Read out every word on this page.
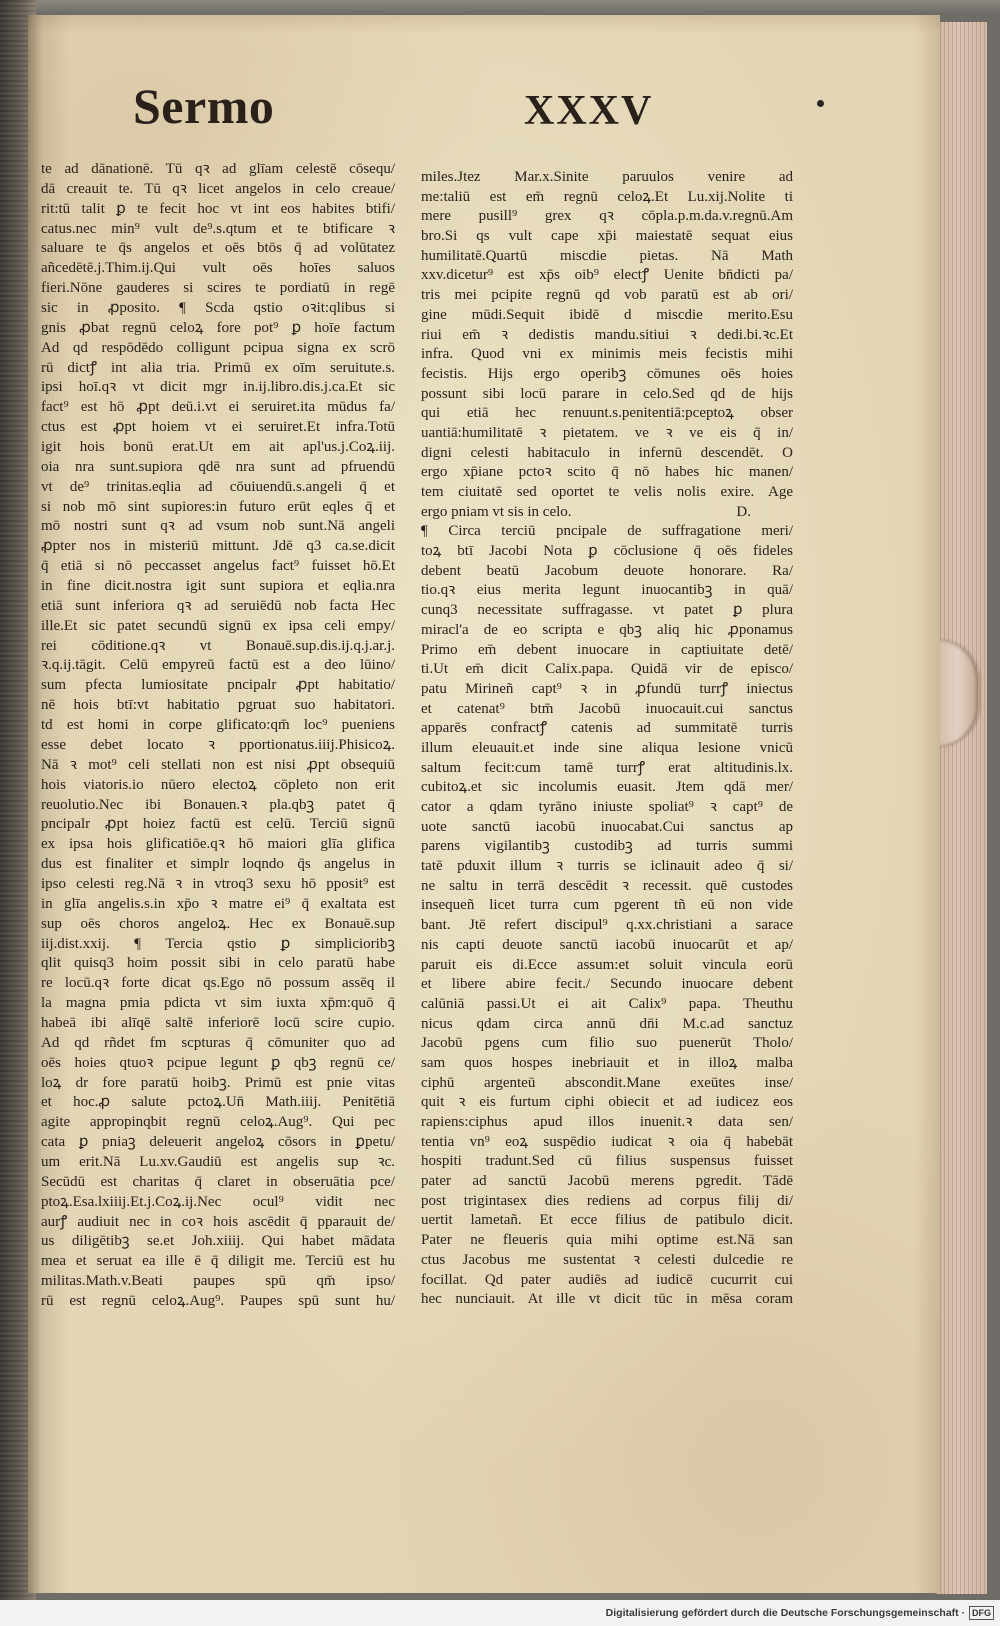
Sermo	XXXV
te ad dānationē. Tū qꝛ ad glīam celestē cōsequ/
dā creauit te. Tū qꝛ licet angelos in celo creaue/
rit:tū talit ꝑ te fecit hoc vt int eos habites btifi/
catus.nec min⁹ vult de⁹.s.qtum et te btificare ꝛ
saluare te q̄s angelos et oēs btōs q̄ ad volūtatez
añcedētē.j.Thim.ij.Qui vult oēs hoīes saluos
fieri.Nōne gauderes si scires te pordiatū in regē
sic in ꝓposito. ¶ Scda qstio oꝛit:qlibus si
gnis ꝓbat regnū celoꝝ fore pot⁹ ꝑ hoīe factum
Ad qd respōdēdo colligunt pcipua signa ex scrō
rū dictꝭ int alia tria. Primū ex oīm seruitute.s.
ipsi hoī.qꝛ vt dicit mgr in.ij.libro.dis.j.ca.Et sic
fact⁹ est hō ꝓpt deū.i.vt ei seruiret.ita mūdus fa/
ctus est ꝓpt hoiem vt ei seruiret.Et infra.Totū
igit hois bonū erat.Ut em ait apl'us.j.Coꝝ.iij.
oia nra sunt.supiora qdē nra sunt ad pfruendū
vt de⁹ trinitas.eqlia ad cōuiuendū.s.angeli q̄ et
si nob mō sint supiores:in futuro erūt eqles q̄ et
mō nostri sunt qꝛ ad vsum nob sunt.Nā angeli
ꝓpter nos in misteriū mittunt. Jdē q3 ca.se.dicit
q̄ etiā si nō peccasset angelus fact⁹ fuisset hō.Et
in fine dicit.nostra igit sunt supiora et eqlia.nra
etiā sunt inferiora qꝛ ad seruiēdū nob facta Hec
ille.Et sic patet secundū signū ex ipsa celi empy/
rei cōditione.qꝛ vt Bonauē.sup.dis.ij.q.j.ar.j.
ꝛ.q.ij.tāgit. Celū empyreū factū est a deo lūino/
sum pfecta lumiositate pncipalr ꝓpt habitatio/
nē hois btī:vt habitatio pgruat suo habitatori.
td est homi in corpe glificato:qm̄ loc⁹ pueniens
esse debet locato ꝛ pportionatus.iiij.Phisicoꝝ.
Nā ꝛ mot⁹ celi stellati non est nisi ꝓpt obsequiū
hois viatoris.io nūero electoꝝ cōpleto non erit
reuolutio.Nec ibi Bonauen.ꝛ pla.qbꝫ patet q̄
pncipalr ꝓpt hoiez factū est celū. Terciū signū
ex ipsa hois glificatiōe.qꝛ hō maiori glīa glifica
dus est finaliter et simplr loqndo q̄s angelus in
ipso celesti reg.Nā ꝛ in vtroq3 sexu hō pposit⁹ est
in glīa angelis.s.in xp̄o ꝛ matre ei⁹ q̄ exaltata est
sup oēs choros angeloꝝ. Hec ex Bonauē.sup
iij.dist.xxij. ¶ Tercia qstio ꝑ simplicioribꝫ
qlit quisq3 hoim possit sibi in celo paratū habe
re locū.qꝛ forte dicat qs.Ego nō possum assēq il
la magna pmia pdicta vt sim iuxta xp̄m:quō q̄
habeā ibi alīqē saltē inferiorē locū scire cupio.
Ad qd rñdet fm scpturas q̄ cōmuniter quo ad
oēs hoies qtuoꝛ pcipue legunt ꝑ qbꝫ regnū ce/
loꝝ dr fore paratū hoibꝫ. Primū est pnie vitas
et hoc.ꝓ salute pctoꝝ.Un̄ Math.iiij. Penitētiā
agite appropinqbit regnū celoꝝ.Aug⁹. Qui pec
cata ꝑ pniaꝫ deleuerit angeloꝝ cōsors in ꝑpetu/
um erit.Nā Lu.xv.Gaudiū est angelis sup ꝛc.
Secūdū est charitas q̄ claret in obseruātia pce/
ptoꝝ.Esa.lxiiij.Et.j.Coꝝ.ij.Nec ocul⁹ vidit nec
aurꝭ audiuit nec in coꝛ hois ascēdit q̄ pparauit de/
us diligētibꝫ se.et Joh.xiiij. Qui habet mādata
mea et seruat ea ille ē q̄ diligit me. Terciū est hu
militas.Math.v.Beati paupes spū qm̄ ipso/
rū est regnū celoꝝ.Aug⁹. Paupes spū sunt hu/
miles.Jtez Mar.x.Sinite paruulos venire ad
me:taliū est em̄ regnū celoꝝ.Et Lu.xij.Nolite ti
mere pusill⁹ grex qꝛ cōpla.p.m.da.v.regnū.Am
bro.Si qs vult cape xp̄i maiestatē sequat eius
humilitatē.Quartū miscdie pietas. Nā Math
xxv.dicetur⁹ est xp̄s oib⁹ electꝭ Uenite bn̄dicti pa/
tris mei pcipite regnū qd vob paratū est ab ori/
gine mūdi.Sequit ibidē d miscdie merito.Esu
riui em̄ ꝛ dedistis mandu.sitiui ꝛ dedi.bi.ꝛc.Et
infra. Quod vni ex minimis meis fecistis mihi
fecistis. Hijs ergo operibꝫ cōmunes oēs hoies
possunt sibi locū parare in celo.Sed qd de hijs
qui etiā hec renuunt.s.penitentiā:pceptoꝝ obser
uantiā:humilitatē ꝛ pietatem. ve ꝛ ve eis q̄ in/
digni celesti habitaculo in infernū descendēt. O
ergo xp̄iane pctoꝛ scito q̄ nō habes hic manen/
tem ciuitatē sed oportet te velis nolis exire. Age
ergo pniam vt sis in celo.	D.
¶ Circa terciū pncipale de suffragatione meri/
toꝝ btī Jacobi Nota ꝑ cōclusione q̄ oēs fideles
debent beatū Jacobum deuote honorare. Ra/
tio.qꝛ eius merita legunt inuocantibꝫ in quā/
cunq3 necessitate suffragasse. vt patet ꝑ plura
miracl'a de eo scripta e qbꝫ aliq hic ꝓponamus
Primo em̄ debent inuocare in captiuitate detē/
ti.Ut em̄ dicit Calix.papa. Quidā vir de episco/
patu Mirineñ capt⁹ ꝛ in ꝓfundū turrꝭ iniectus
et catenat⁹ btm̄ Jacobū inuocauit.cui sanctus
apparēs confractꝭ catenis ad summitatē turris
illum eleuauit.et inde sine aliqua lesione vnicū
saltum fecit:cum tamē turrꝭ erat altitudinis.lx.
cubitoꝝ.et sic incolumis euasit. Jtem qdā mer/
cator a qdam tyrāno iniuste spoliat⁹ ꝛ capt⁹ de
uote sanctū iacobū inuocabat.Cui sanctus ap
parens vigilantibꝫ custodibꝫ ad turris summi
tatē pduxit illum ꝛ turris se iclinauit adeo q̄ si/
ne saltu in terrā descēdit ꝛ recessit. quē custodes
insequeñ licet turra cum pgerent tñ eū non vide
bant. Jtē refert discipul⁹ q.xx.christiani a sarace
nis capti deuote sanctū iacobū inuocarūt et ap/
paruit eis di.Ecce assum:et soluit vincula eorū
et libere abire fecit./ Secundo inuocare debent
calūniā passi.Ut ei ait Calix⁹ papa. Theuthu
nicus qdam circa annū dn̄i M.c.ad sanctuz
Jacobū pgens cum filio suo puenerūt Tholo/
sam quos hospes inebriauit et in illoꝝ malba
ciphū argenteū abscondit.Mane exeūtes inse/
quit ꝛ eis furtum ciphi obiecit et ad iudicez eos
rapiens:ciphus apud illos inuenit.ꝛ data sen/
tentia vn⁹ eoꝝ suspēdio iudicat ꝛ oia q̄ habebāt
hospiti tradunt.Sed cū filius suspensus fuisset
pater ad sanctū Jacobū merens pgredit. Tādē
post trigintasex dies rediens ad corpus filij di/
uertit lametañ. Et ecce filius de patibulo dicit.
Pater ne fleueris quia mihi optime est.Nā san
ctus Jacobus me sustentat ꝛ celesti dulcedie re
focillat. Qd pater audiēs ad iudicē cucurrit cui
hec nunciauit. At ille vt dicit tūc in mēsa coram
Digitalisierung gefördert durch die Deutsche Forschungsgemeinschaft · DFG
